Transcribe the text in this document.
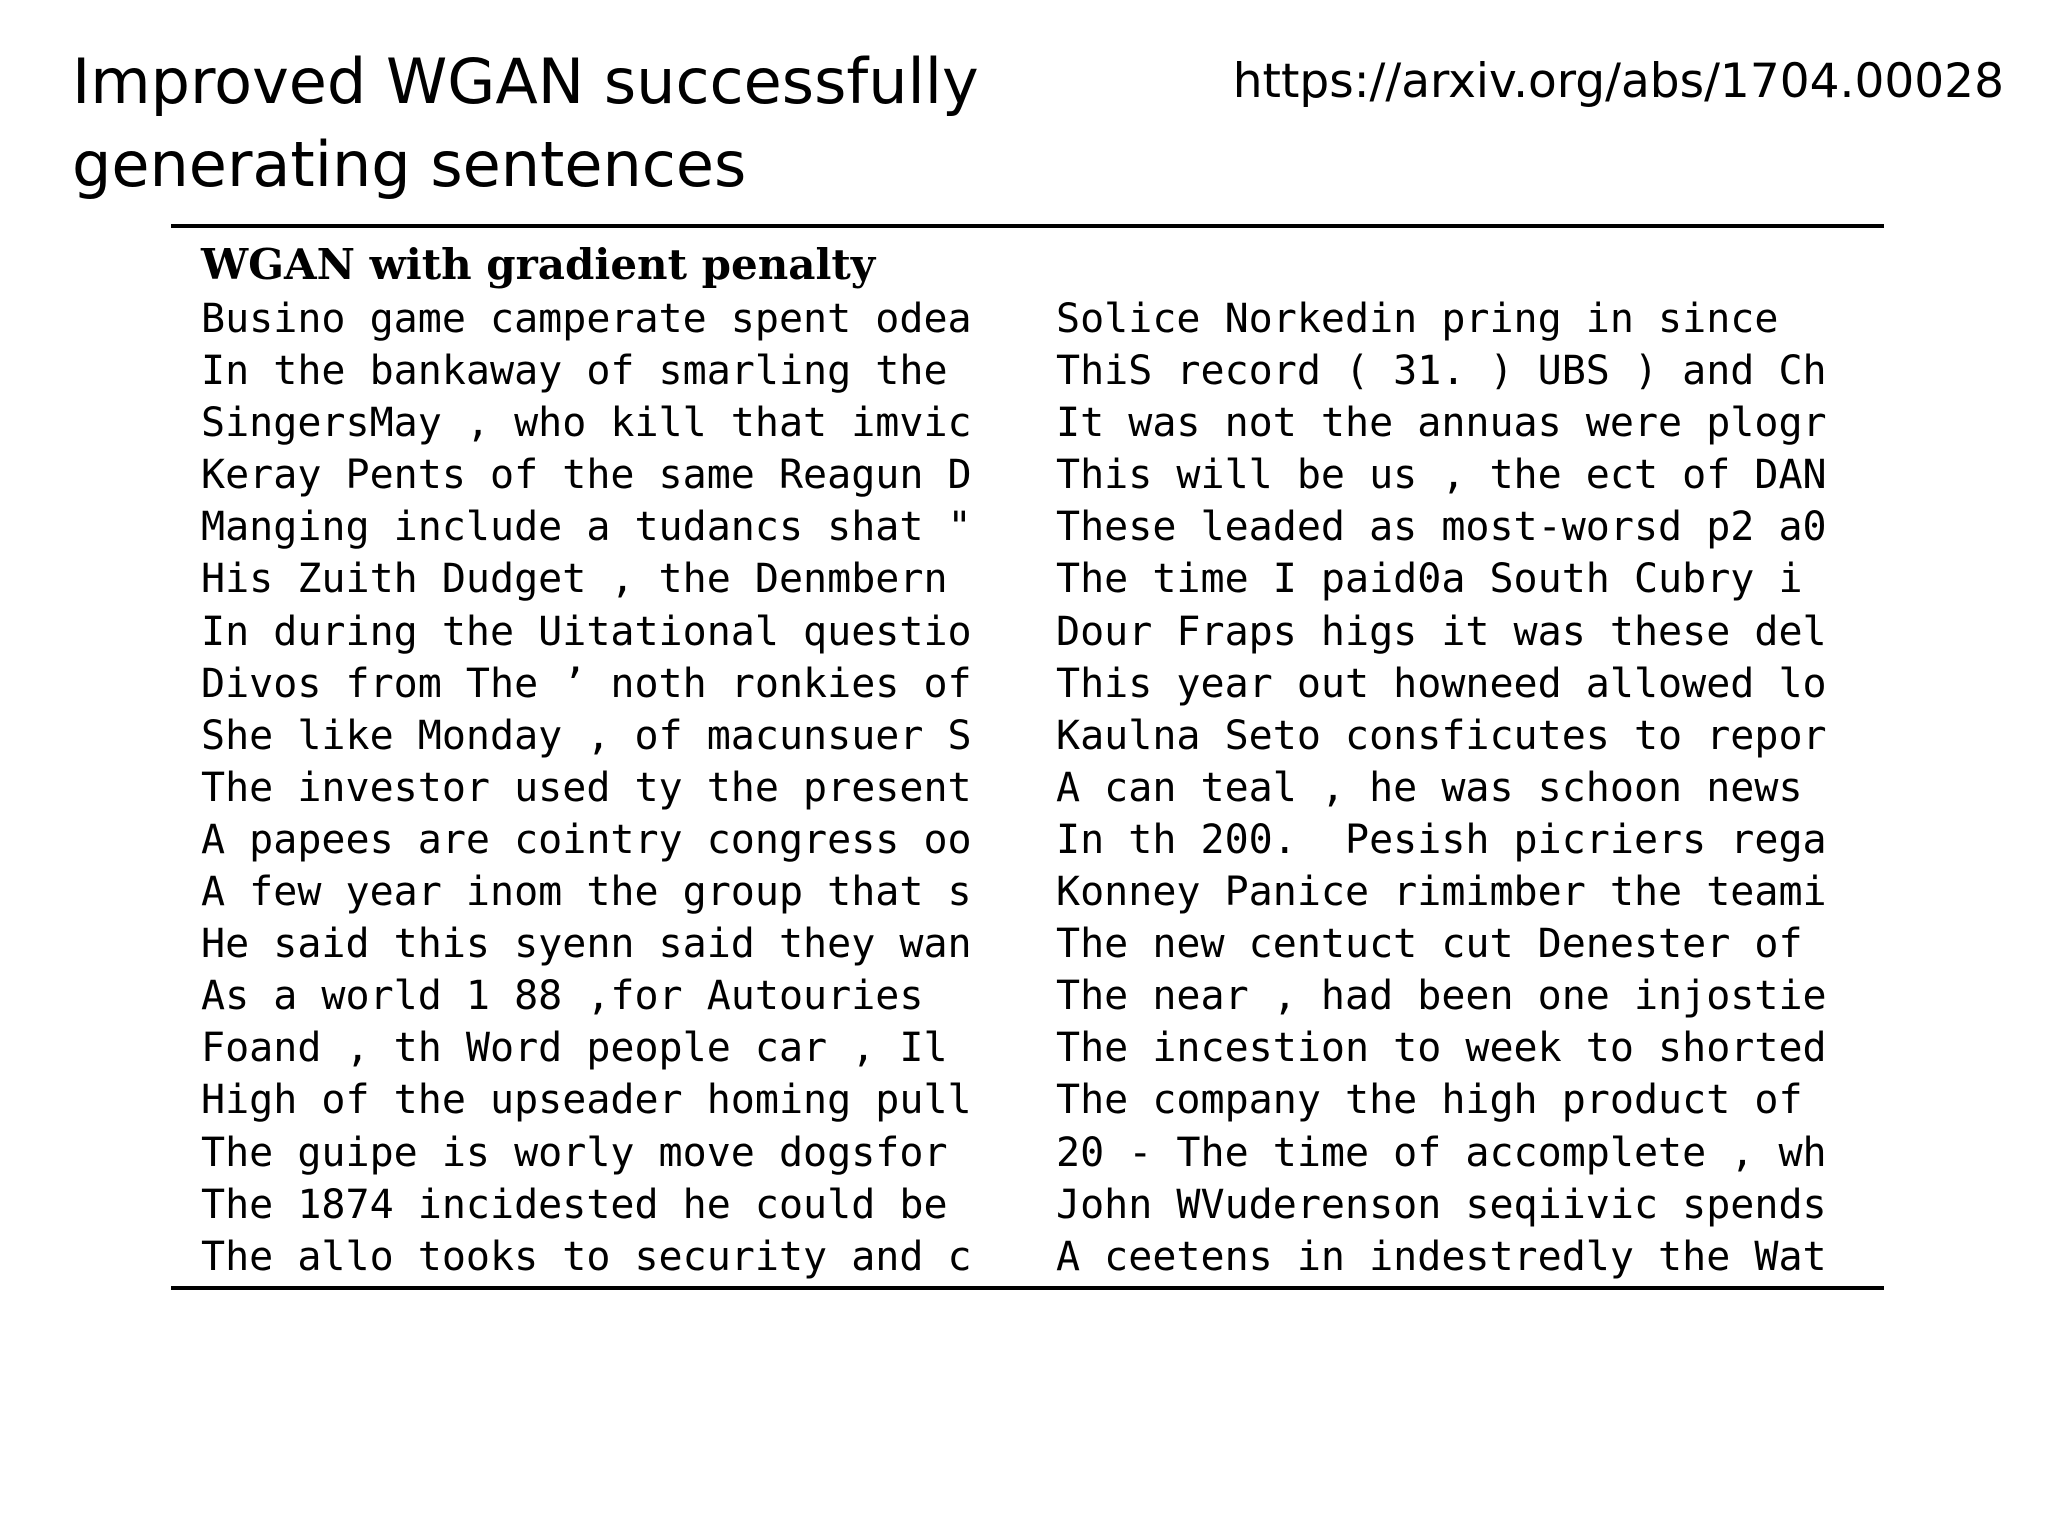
Improved WGAN successfully
generating sentences
https://arxiv.org/abs/1704.00028
WGAN with gradient penalty
Busino game camperate spent odea
In the bankaway of smarling the
SingersMay , who kill that imvic
Keray Pents of the same Reagun D
Manging include a tudancs shat "
His Zuith Dudget , the Denmbern
In during the Uitational questio
Divos from The ’ noth ronkies of
She like Monday , of macunsuer S
The investor used ty the present
A papees are cointry congress oo
A few year inom the group that s
He said this syenn said they wan
As a world 1 88 ,for Autouries
Foand , th Word people car , Il
High of the upseader homing pull
The guipe is worly move dogsfor
The 1874 incidested he could be
The allo tooks to security and c
Solice Norkedin pring in since
ThiS record ( 31. ) UBS ) and Ch
It was not the annuas were plogr
This will be us , the ect of DAN
These leaded as most-worsd p2 a0
The time I paid0a South Cubry i
Dour Fraps higs it was these del
This year out howneed allowed lo
Kaulna Seto consficutes to repor
A can teal , he was schoon news
In th 200.  Pesish picriers rega
Konney Panice rimimber the teami
The new centuct cut Denester of
The near , had been one injostie
The incestion to week to shorted
The company the high product of
20 - The time of accomplete , wh
John WVuderenson seqiivic spends
A ceetens in indestredly the Wat
